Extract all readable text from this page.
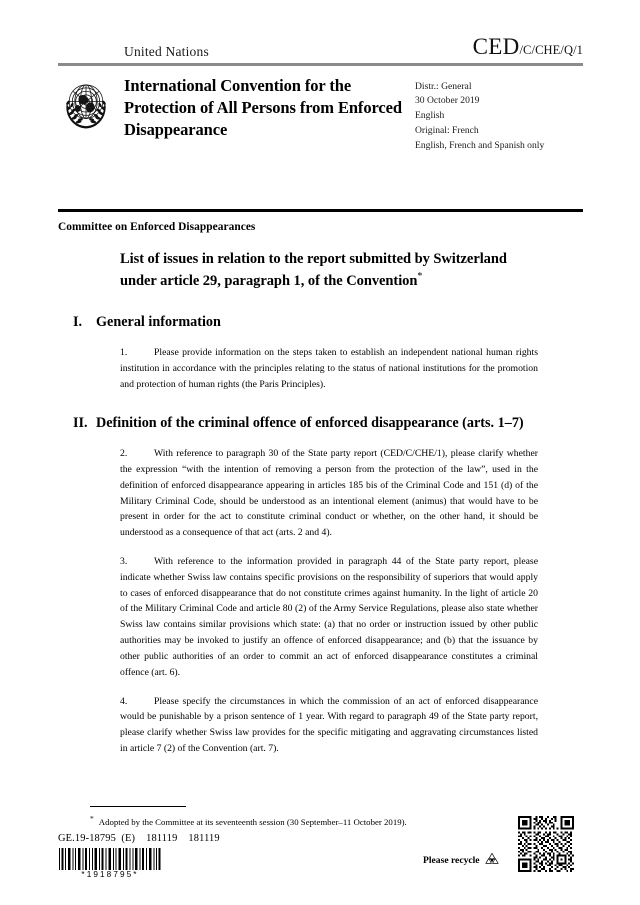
United Nations	CED /C/CHE/Q/1
International Convention for the Protection of All Persons from Enforced Disappearance
Distr.: General
30 October 2019
English
Original: French
English, French and Spanish only
Committee on Enforced Disappearances
List of issues in relation to the report submitted by Switzerland under article 29, paragraph 1, of the Convention*
I. General information
1.	Please provide information on the steps taken to establish an independent national human rights institution in accordance with the principles relating to the status of national institutions for the promotion and protection of human rights (the Paris Principles).
II. Definition of the criminal offence of enforced disappearance (arts. 1–7)
2.	With reference to paragraph 30 of the State party report (CED/C/CHE/1), please clarify whether the expression “with the intention of removing a person from the protection of the law”, used in the definition of enforced disappearance appearing in articles 185 bis of the Criminal Code and 151 (d) of the Military Criminal Code, should be understood as an intentional element (animus) that would have to be present in order for the act to constitute criminal conduct or whether, on the other hand, it should be understood as a consequence of that act (arts. 2 and 4).
3.	With reference to the information provided in paragraph 44 of the State party report, please indicate whether Swiss law contains specific provisions on the responsibility of superiors that would apply to cases of enforced disappearance that do not constitute crimes against humanity. In the light of article 20 of the Military Criminal Code and article 80 (2) of the Army Service Regulations, please also state whether Swiss law contains similar provisions which state: (a) that no order or instruction issued by other public authorities may be invoked to justify an offence of enforced disappearance; and (b) that the issuance by other public authorities of an order to commit an act of enforced disappearance constitutes a criminal offence (art. 6).
4.	Please specify the circumstances in which the commission of an act of enforced disappearance would be punishable by a prison sentence of 1 year. With regard to paragraph 49 of the State party report, please clarify whether Swiss law provides for the specific mitigating and aggravating circumstances listed in article 7 (2) of the Convention (art. 7).
* Adopted by the Committee at its seventeenth session (30 September–11 October 2019).
GE.19-18795  (E)    181119    181119
*1918795*
Please recycle
